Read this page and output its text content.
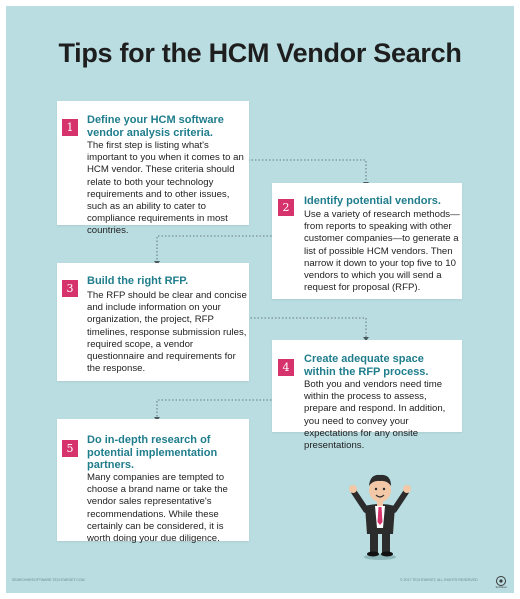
Tips for the HCM Vendor Search
1

Define your HCM software vendor analysis criteria.

The first step is listing what's important to you when it comes to an HCM vendor. These criteria should relate to both your technology requirements and to other issues, such as an ability to cater to compliance requirements in most countries.

2	Identify potential vendors.

Use a variety of research methods—from reports to speaking with other customer companies—to generate a list of possible HCM vendors. Then narrow it down to your top five to 10 vendors to which you will send a request for proposal (RFP).

3

Build the right RFP.

The RFP should be clear and concise and include information on your organization, the project, RFP timelines, response submission rules, required scope, a vendor questionnaire and requirements for the response.	4

Create adequate space within the RFP process.

Both you and vendors need time within the process to assess, prepare and respond. In addition, you need to convey your expectations for any onsite presentations.

5

Do in-depth research of potential implementation partners.

Many companies are tempted to choose a brand name or take the vendor sales representative's recommendations. While these certainly can be considered, it is worth doing your due diligence.

SEARCHHRSOFTWARE.TECHTARGET.COM	© 2017 TECHTARGET, ALL RIGHTS RESERVED
TechTarget
